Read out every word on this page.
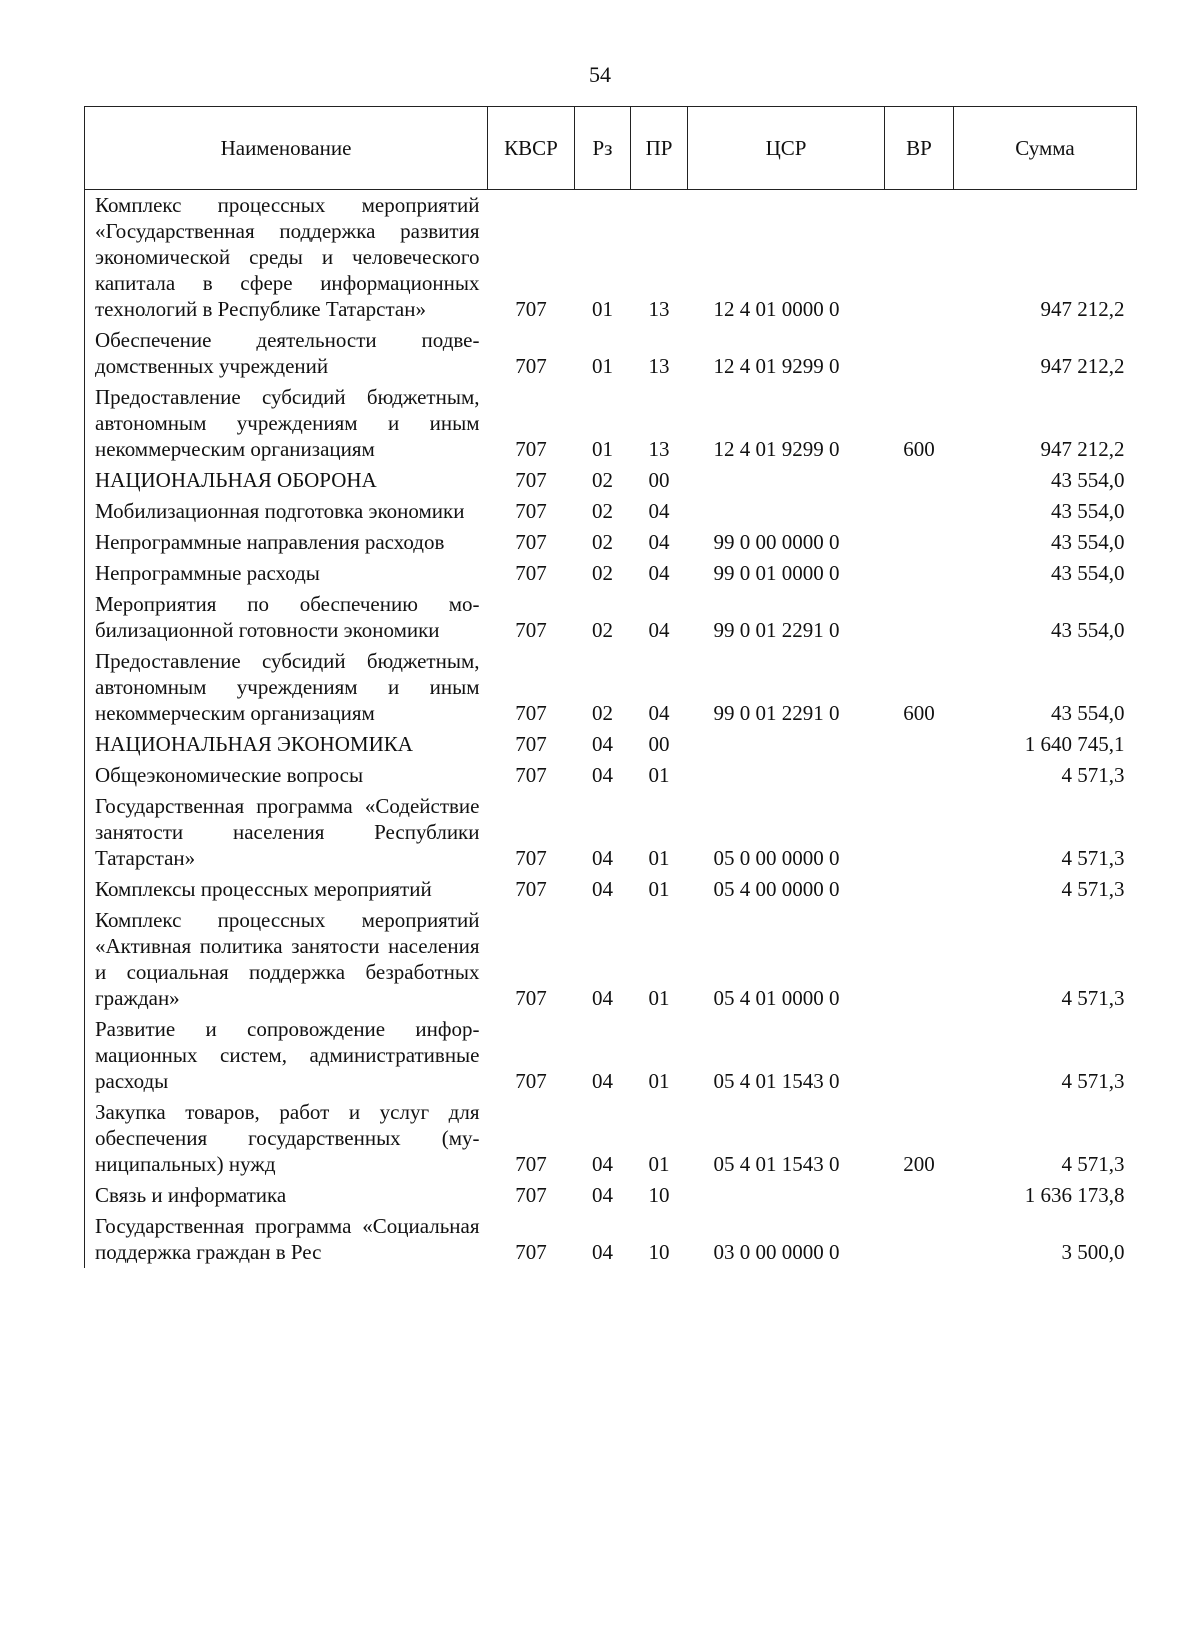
54
Наименование	КВСР	Рз	ПР	ЦСР	ВР	Сумма
Комплекс процессных мероприятий «Государственная поддержка развития экономической среды и человеческого капитала в сфере информационных технологий в Республике Татарстан»	707	01	13	12 4 01 0000 0		947 212,2
Обеспечение деятельности подведомственных учреждений	707	01	13	12 4 01 9299 0		947 212,2
Предоставление субсидий бюджетным, автономным учреждениям и иным некоммерческим организациям	707	01	13	12 4 01 9299 0	600	947 212,2
НАЦИОНАЛЬНАЯ ОБОРОНА	707	02	00			43 554,0
Мобилизационная подготовка экономики	707	02	04			43 554,0
Непрограммные направления расходов	707	02	04	99 0 00 0000 0		43 554,0
Непрограммные расходы	707	02	04	99 0 01 0000 0		43 554,0
Мероприятия по обеспечению мобилизационной готовности экономики	707	02	04	99 0 01 2291 0		43 554,0
Предоставление субсидий бюджетным, автономным учреждениям и иным некоммерческим организациям	707	02	04	99 0 01 2291 0	600	43 554,0
НАЦИОНАЛЬНАЯ ЭКОНОМИКА	707	04	00			1 640 745,1
Общеэкономические вопросы	707	04	01			4 571,3
Государственная программа «Содействие занятости населения Республики Татарстан»	707	04	01	05 0 00 0000 0		4 571,3
Комплексы процессных мероприятий	707	04	01	05 4 00 0000 0		4 571,3
Комплекс процессных мероприятий «Активная политика занятости населения и социальная поддержка безработных граждан»	707	04	01	05 4 01 0000 0		4 571,3
Развитие и сопровождение информационных систем, административные расходы	707	04	01	05 4 01 1543 0		4 571,3
Закупка товаров, работ и услуг для обеспечения государственных (муниципальных) нужд	707	04	01	05 4 01 1543 0	200	4 571,3
Связь и информатика	707	04	10			1 636 173,8
Государственная программа «Социальная поддержка граждан в Рес	707	04	10	03 0 00 0000 0		3 500,0
